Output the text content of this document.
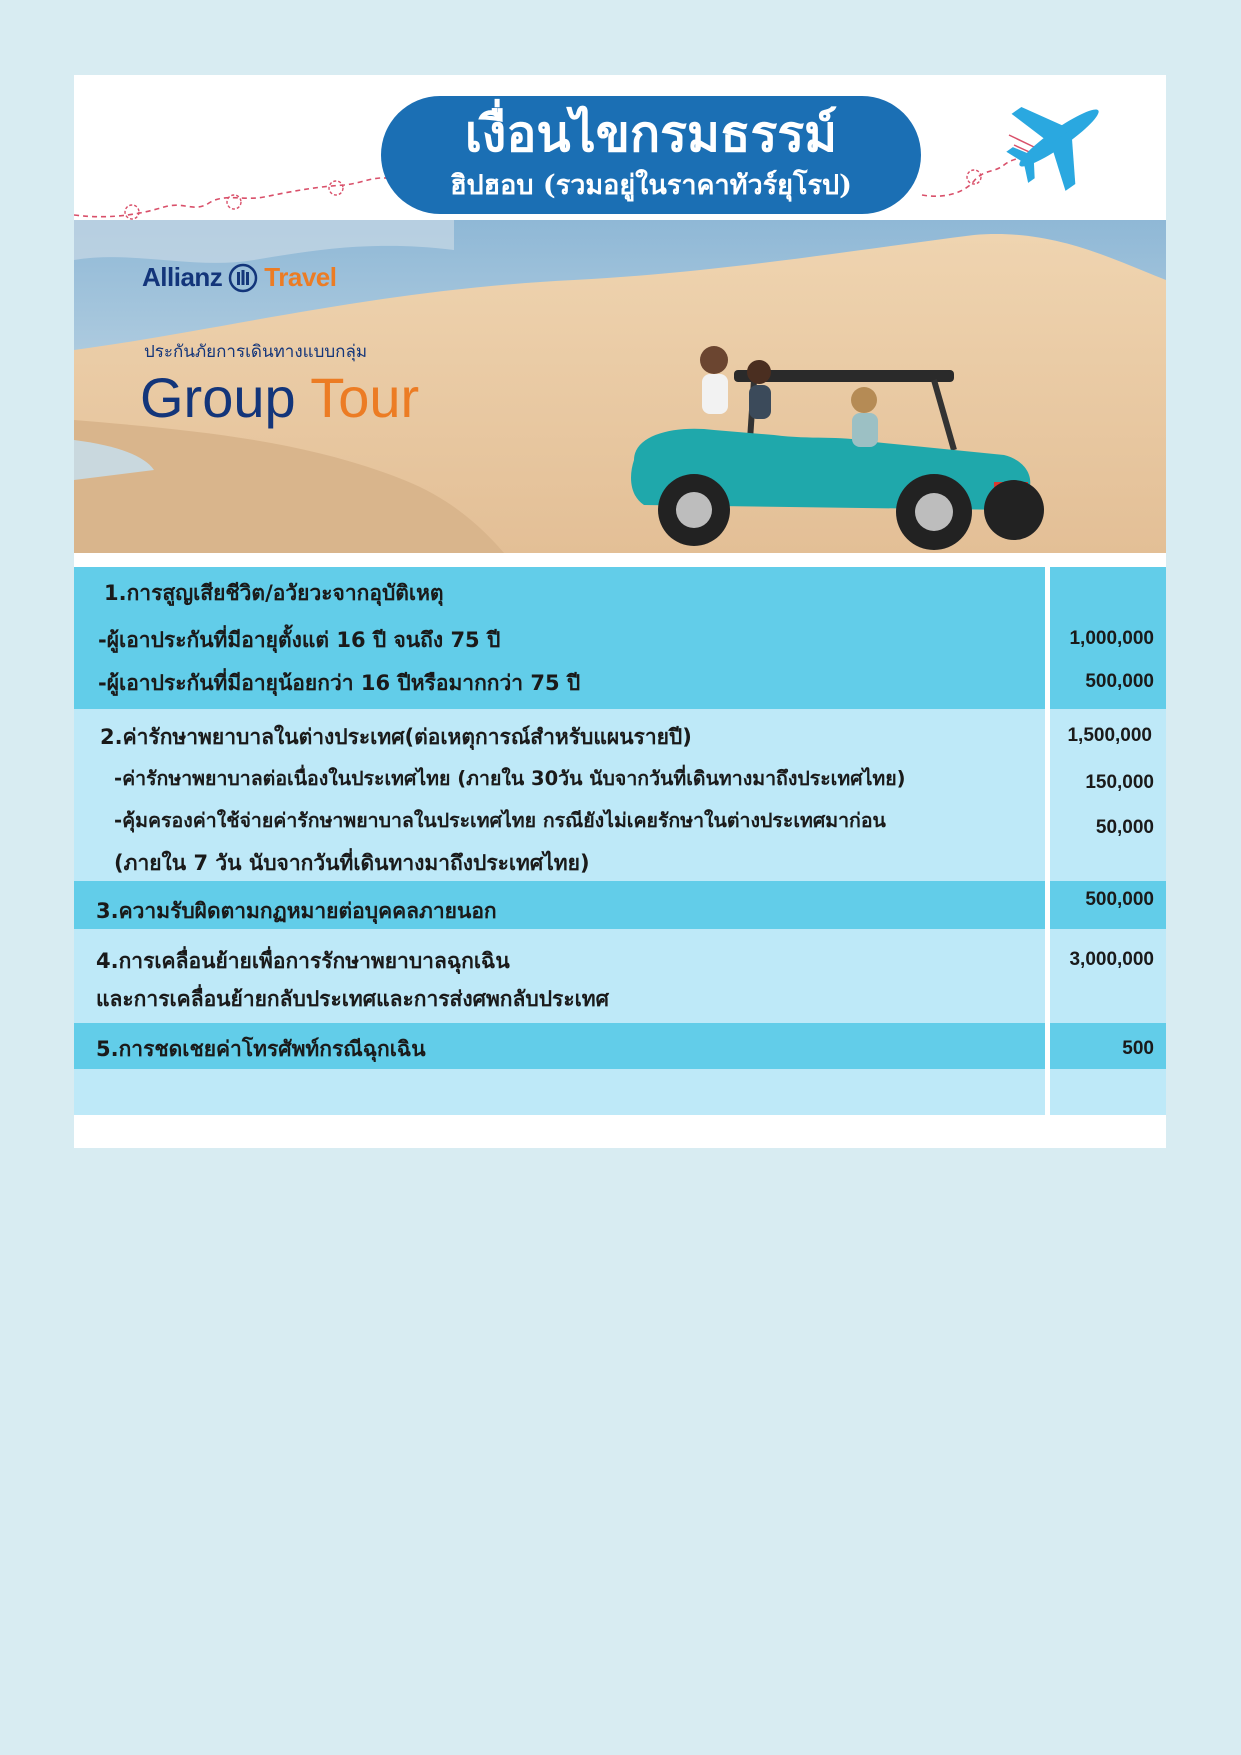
เงื่อนไขกรมธรรม์
ฮิปฮอบ (รวมอยู่ในราคาทัวร์ยุโรป)
Allianz Travel
ประกันภัยการเดินทางแบบกลุ่ม
Group Tour
1.การสูญเสียชีวิต/อวัยวะจากอุบัติเหตุ
-ผู้เอาประกันที่มีอายุตั้งแต่ 16 ปี จนถึง 75 ปี
-ผู้เอาประกันที่มีอายุน้อยกว่า 16 ปีหรือมากกว่า 75 ปี
1,000,000
500,000
2.ค่ารักษาพยาบาลในต่างประเทศ(ต่อเหตุการณ์สำหรับแผนรายปี)
-ค่ารักษาพยาบาลต่อเนื่องในประเทศไทย (ภายใน 30วัน นับจากวันที่เดินทางมาถึงประเทศไทย)
-คุ้มครองค่าใช้จ่ายค่ารักษาพยาบาลในประเทศไทย กรณียังไม่เคยรักษาในต่างประเทศมาก่อน
(ภายใน 7 วัน นับจากวันที่เดินทางมาถึงประเทศไทย)
1,500,000
150,000
50,000
3.ความรับผิดตามกฏหมายต่อบุคคลภายนอก	500,000
4.การเคลื่อนย้ายเพื่อการรักษาพยาบาลฉุกเฉิน
และการเคลื่อนย้ายกลับประเทศและการส่งศพกลับประเทศ
3,000,000
5.การชดเชยค่าโทรศัพท์กรณีฉุกเฉิน	500
